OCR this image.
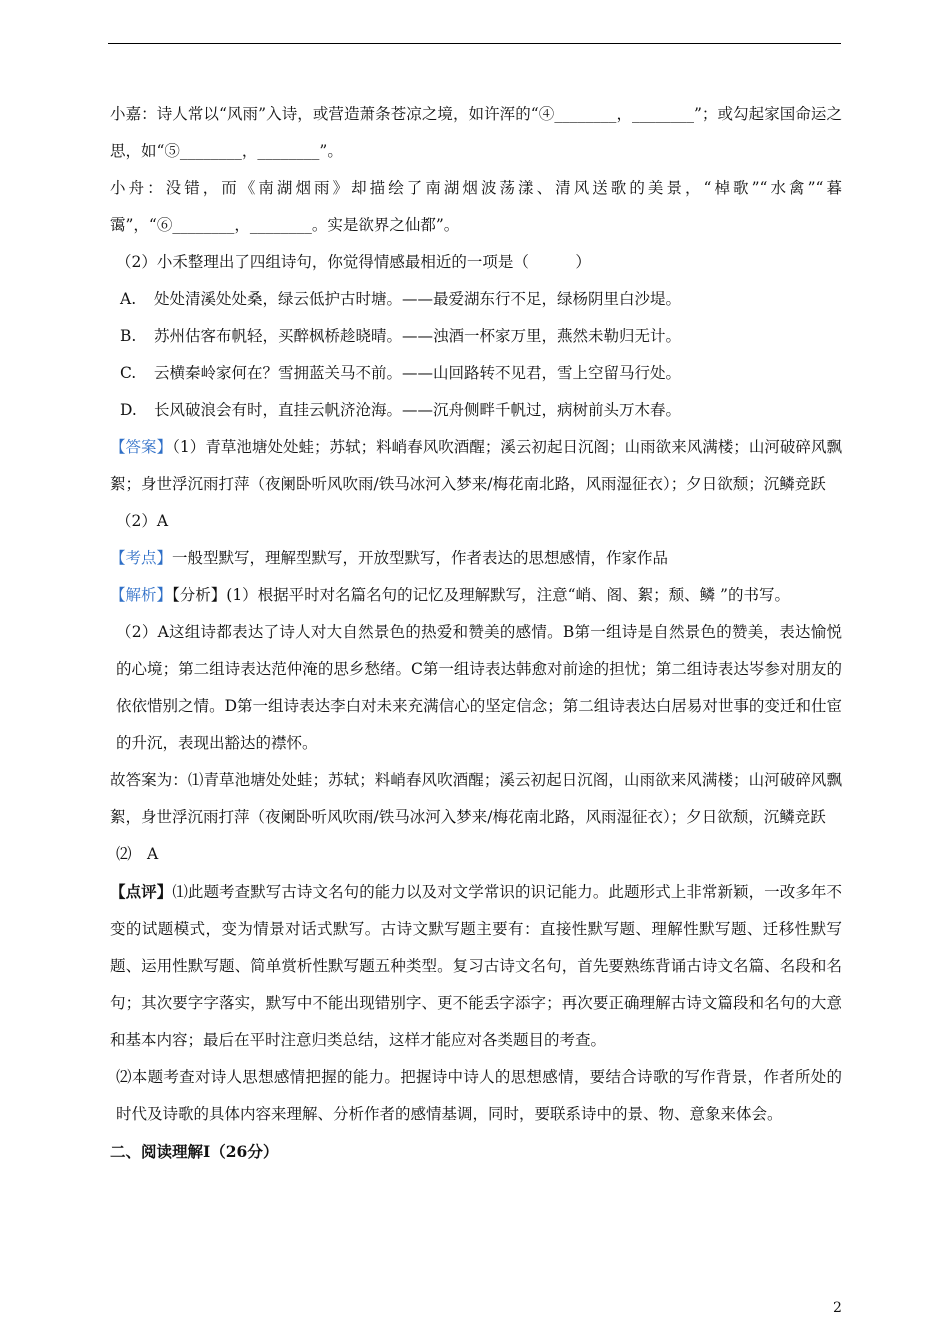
小嘉：诗人常以“风雨”入诗，或营造萧条苍凉之境，如许浑的“④________，________”；或勾起家国命运之思，如“⑤________，________”。

小舟：没错，而《南湖烟雨》却描绘了南湖烟波荡漾、清风送歌的美景，“棹歌”“水禽”“暮霭”，“⑥________，________。实是欲界之仙都”。

（2）小禾整理出了四组诗句，你觉得情感最相近的一项是（　　　）

A. 处处清溪处处桑，绿云低护古时塘。——最爱湖东行不足，绿杨阴里白沙堤。

B. 苏州估客布帆轻，买醉枫桥趁晓晴。——浊酒一杯家万里，燕然未勒归无计。

C. 云横秦岭家何在？雪拥蓝关马不前。——山回路转不见君，雪上空留马行处。

D. 长风破浪会有时，直挂云帆济沧海。——沉舟侧畔千帆过，病树前头万木春。

【答案】（1）青草池塘处处蛙；苏轼；料峭春风吹酒醒；溪云初起日沉阁；山雨欲来风满楼；山河破碎风飘絮；身世浮沉雨打萍（夜阑卧听风吹雨/铁马冰河入梦来/梅花南北路，风雨湿征衣）；夕日欲颓；沉鳞竞跃

（2）A

【考点】一般型默写，理解型默写，开放型默写，作者表达的思想感情，作家作品

【解析】【分析】(1）根据平时对名篇名句的记忆及理解默写，注意“峭、阁、絮；颓、鳞 ”的书写。

（2）A这组诗都表达了诗人对大自然景色的热爱和赞美的感情。B第一组诗是自然景色的赞美，表达愉悦的心境；第二组诗表达范仲淹的思乡愁绪。C第一组诗表达韩愈对前途的担忧；第二组诗表达岑参对朋友的依依惜别之情。D第一组诗表达李白对未来充满信心的坚定信念；第二组诗表达白居易对世事的变迁和仕宦的升沉，表现出豁达的襟怀。

故答案为：⑴青草池塘处处蛙；苏轼；料峭春风吹酒醒；溪云初起日沉阁，山雨欲来风满楼；山河破碎风飘絮，身世浮沉雨打萍（夜阑卧听风吹雨/铁马冰河入梦来/梅花南北路，风雨湿征衣）；夕日欲颓，沉鳞竞跃

⑵　A

【点评】⑴此题考查默写古诗文名句的能力以及对文学常识的识记能力。此题形式上非常新颖，一改多年不变的试题模式，变为情景对话式默写。古诗文默写题主要有：直接性默写题、理解性默写题、迁移性默写题、运用性默写题、简单赏析性默写题五种类型。复习古诗文名句，首先要熟练背诵古诗文名篇、名段和名句；其次要字字落实，默写中不能出现错别字、更不能丢字添字；再次要正确理解古诗文篇段和名句的大意和基本内容；最后在平时注意归类总结，这样才能应对各类题目的考查。

⑵本题考查对诗人思想感情把握的能力。把握诗中诗人的思想感情，要结合诗歌的写作背景，作者所处的时代及诗歌的具体内容来理解、分析作者的感情基调，同时，要联系诗中的景、物、意象来体会。

二、阅读理解Ⅰ（26分）

2
